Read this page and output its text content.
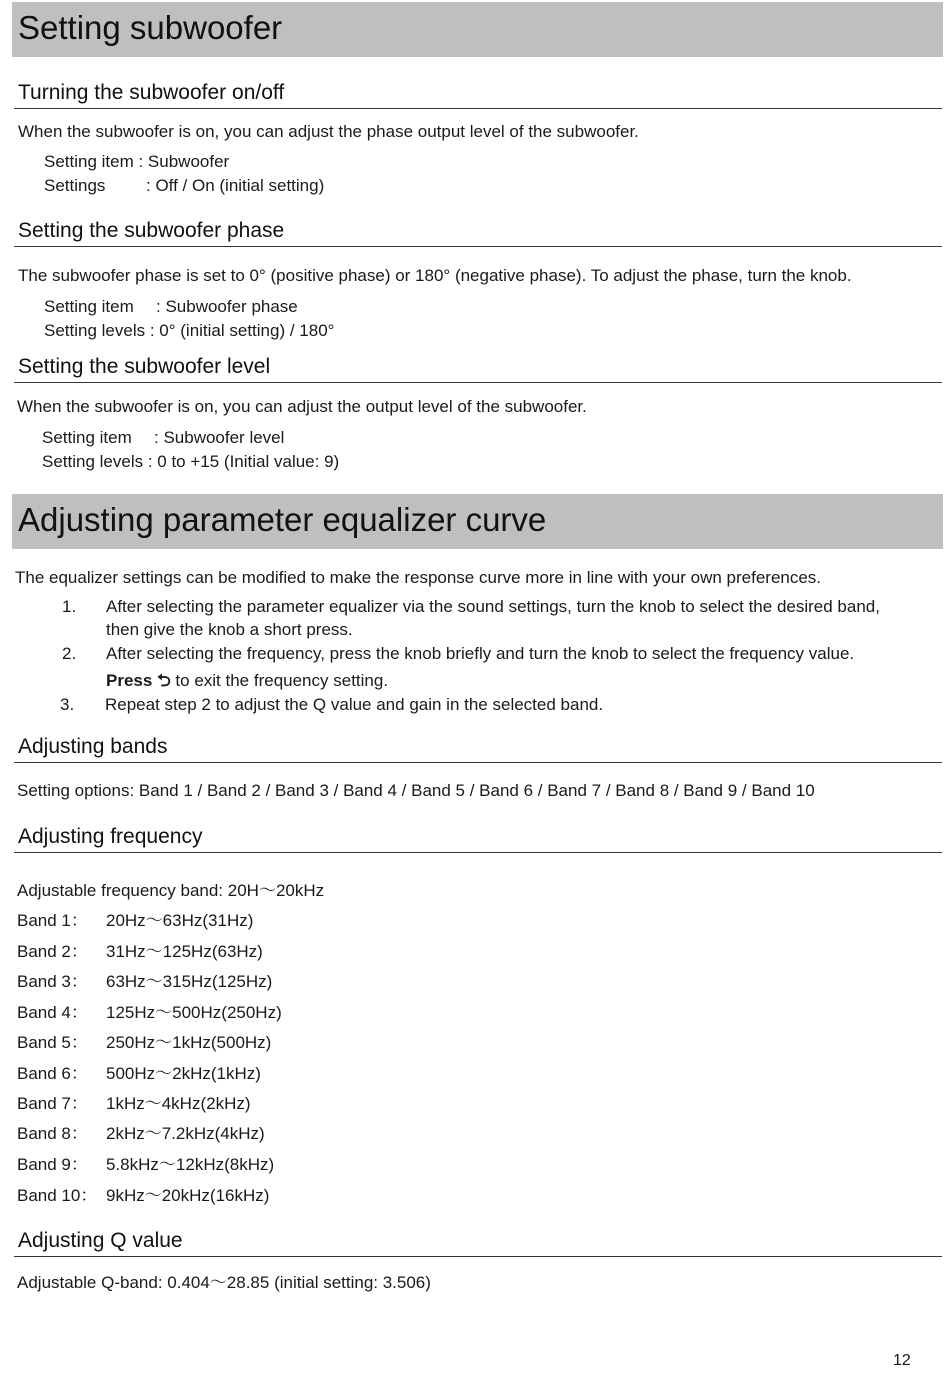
Setting subwoofer
Turning the subwoofer on/off
When the subwoofer is on, you can adjust the phase output level of the subwoofer.
Setting item : Subwoofer
Settings : Off / On (initial setting)
Setting the subwoofer phase
The subwoofer phase is set to 0° (positive phase) or 180° (negative phase). To adjust the phase, turn the knob.
Setting item : Subwoofer phase
Setting levels : 0° (initial setting) / 180°
Setting the subwoofer level
When the subwoofer is on, you can adjust the output level of the subwoofer.
Setting item : Subwoofer level
Setting levels : 0 to +15 (Initial value: 9)
Adjusting parameter equalizer curve
The equalizer settings can be modified to make the response curve more in line with your own preferences.
1. After selecting the parameter equalizer via the sound settings, turn the knob to select the desired band,
then give the knob a short press.
2. After selecting the frequency, press the knob briefly and turn the knob to select the frequency value.
Press ⮌ to exit the frequency setting.
3. Repeat step 2 to adjust the Q value and gain in the selected band.
Adjusting bands
Setting options: Band 1 / Band 2 / Band 3 / Band 4 / Band 5 / Band 6 / Band 7 / Band 8 / Band 9 / Band 10
Adjusting frequency
Adjustable frequency band: 20H～20kHz
Band 1： 20Hz～63Hz(31Hz)
Band 2： 31Hz～125Hz(63Hz)
Band 3： 63Hz～315Hz(125Hz)
Band 4： 125Hz～500Hz(250Hz)
Band 5： 250Hz～1kHz(500Hz)
Band 6： 500Hz～2kHz(1kHz)
Band 7： 1kHz～4kHz(2kHz)
Band 8： 2kHz～7.2kHz(4kHz)
Band 9： 5.8kHz～12kHz(8kHz)
Band 10： 9kHz～20kHz(16kHz)
Adjusting Q value
Adjustable Q-band: 0.404～28.85 (initial setting: 3.506)
12
